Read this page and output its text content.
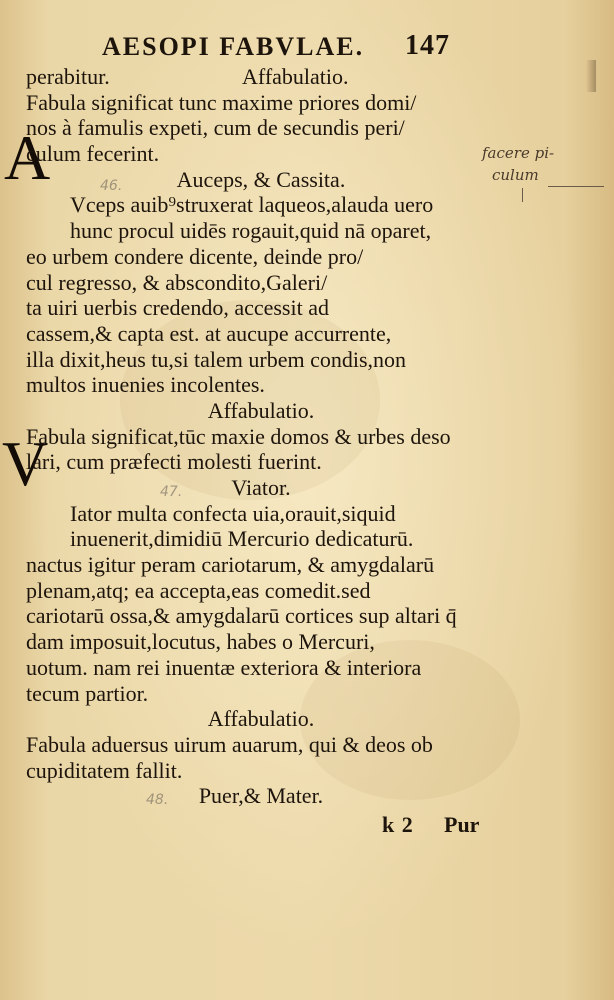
AESOPI FABVLAE. 147
facere pi-
culum
46.
47.
48.
A
V
perabitur.	Affabulatio.
Fabula significat tunc maxime priores domi/
nos à famulis expeti, cum de secundis peri/
culum fecerint.
Auceps, & Cassita.
Vceps auib⁹struxerat laqueos,alauda uero
hunc procul uidēs rogauit,quid nā oparet,
eo urbem condere dicente, deinde pro/
cul regresso, & abscondito,Galeri/
ta uiri uerbis credendo, accessit ad
cassem,& capta est. at aucupe accurrente,
illa dixit,heus tu,si talem urbem condis,non
multos inuenies incolentes.
Affabulatio.
Fabula significat,tūc maxie domos & urbes deso
lari, cum præfecti molesti fuerint.
Viator.
Iator multa confecta uia,orauit,siquid
inuenerit,dimidiū Mercurio dedicaturū.
nactus igitur peram cariotarum, & amygdalarū
plenam,atq; ea accepta,eas comedit.sed
cariotarū ossa,& amygdalarū cortices sup altari q̄
dam imposuit,locutus, habes o Mercuri,
uotum. nam rei inuentæ exteriora & interiora
tecum partior.
Affabulatio.
Fabula aduersus uirum auarum, qui & deos ob
cupiditatem fallit.
Puer,& Mater.
k 2 Pur
